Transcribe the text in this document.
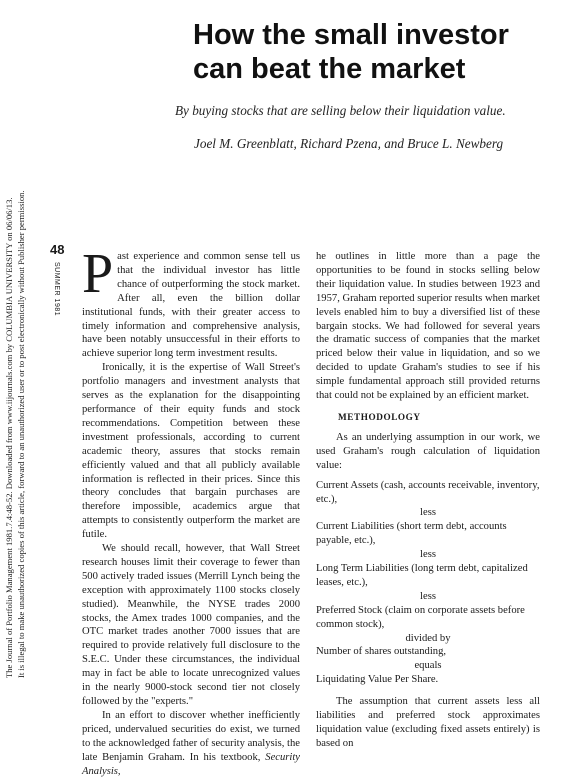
The Journal of Portfolio Management 1981.7.4:48-52. Downloaded from www.iijournals.com by COLUMBIA UNIVERSITY on 06/06/13. It is illegal to make unauthorized copies of this article, forward to an unauthorized user or to post electronically without Publisher permission. 48
SUMMER 1981
How the small investor
can beat the market
By buying stocks that are selling below their liquidation value.
Joel M. Greenblatt, Richard Pzena, and Bruce L. Newberg

Past experience and common sense tell us that the individual investor has little chance of outperforming the stock market. After all, even the billion dollar institutional funds, with their greater access to timely information and comprehensive analysis, have been notably unsuccessful in their efforts to achieve superior long term investment results.

Ironically, it is the expertise of Wall Street's portfolio managers and investment analysts that serves as the explanation for the disappointing performance of their equity funds and stock recommendations. Competition between these investment professionals, according to current academic theory, assures that stocks remain efficiently valued and that all publicly available information is reflected in their prices. Since this theory concludes that bargain purchases are therefore impossible, academics argue that attempts to consistently outperform the market are futile.

We should recall, however, that Wall Street research houses limit their coverage to fewer than 500 actively traded issues (Merrill Lynch being the exception with approximately 1100 stocks closely studied). Meanwhile, the NYSE trades 2000 stocks, the Amex trades 1000 companies, and the OTC market trades another 7000 issues that are required to provide relatively full disclosure to the S.E.C. Under these circumstances, the individual may in fact be able to locate unrecognized values in the nearly 9000-stock second tier not closely followed by the "experts."

In an effort to discover whether inefficiently priced, undervalued securities do exist, we turned to the acknowledged father of security analysis, the late Benjamin Graham. In his textbook, Security Analysis,

he outlines in little more than a page the opportunities to be found in stocks selling below their liquidation value. In studies between 1923 and 1957, Graham reported superior results when market levels enabled him to buy a diversified list of these bargain stocks. We had followed for several years the dramatic success of companies that the market priced below their value in liquidation, and so we decided to update Graham's studies to see if his simple fundamental approach still provided returns that could not be explained by an efficient market.

METHODOLOGY

As an underlying assumption in our work, we used Graham's rough calculation of liquidation value:

Current Assets (cash, accounts receivable, inventory, etc.),
less
Current Liabilities (short term debt, accounts payable, etc.),
less
Long Term Liabilities (long term debt, capitalized leases, etc.),
less
Preferred Stock (claim on corporate assets before common stock),
divided by
Number of shares outstanding,
equals
Liquidating Value Per Share.

The assumption that current assets less all liabilities and preferred stock approximates liquidation value (excluding fixed assets entirely) is based on
